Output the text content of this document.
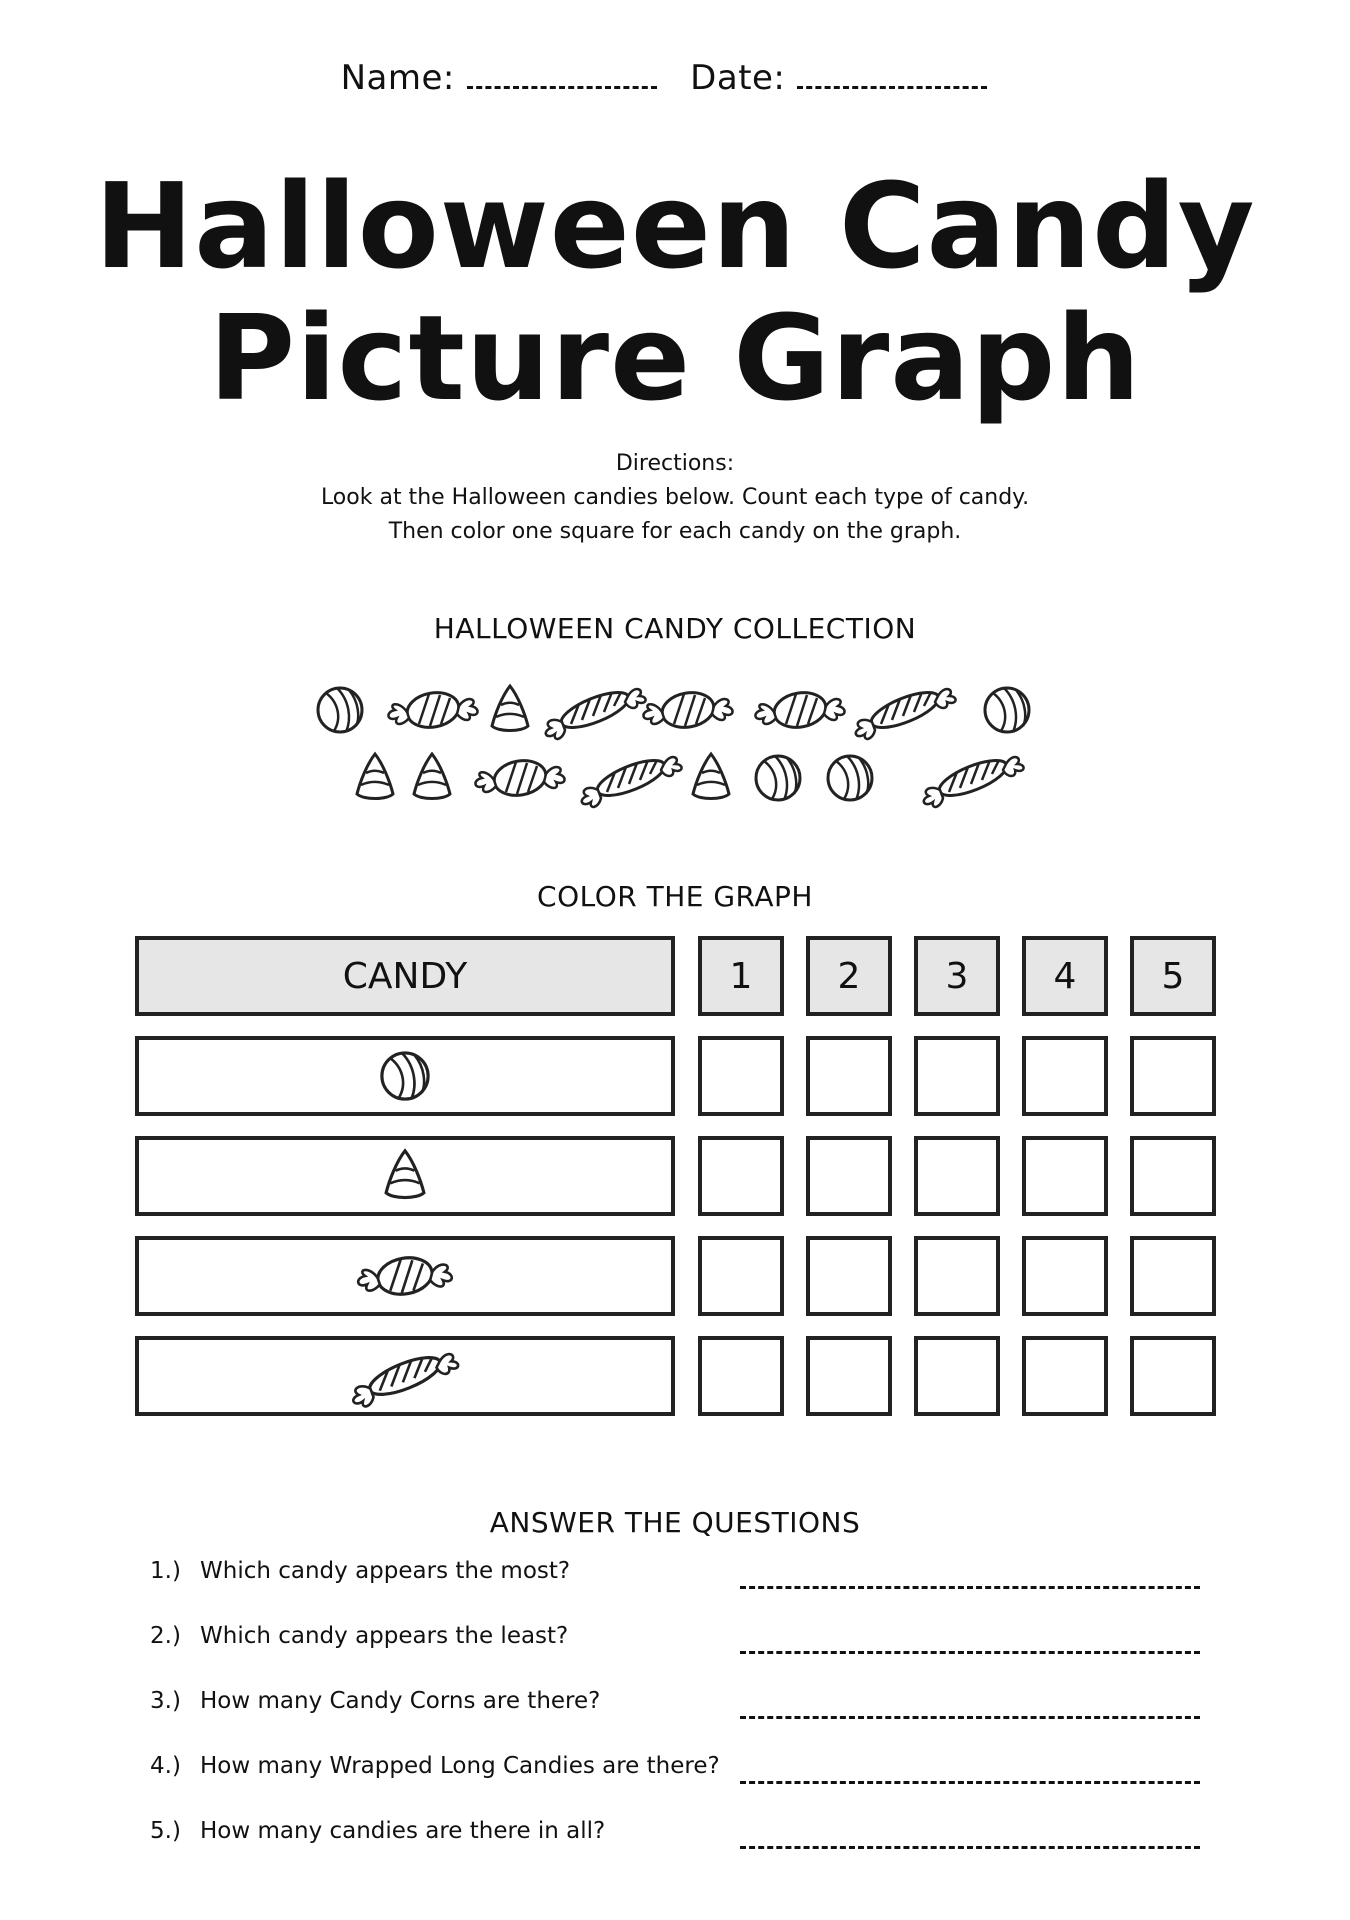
Name:	Date:
Halloween Candy
Picture Graph
Directions:
Look at the Halloween candies below. Count each type of candy.
Then color one square for each candy on the graph.
HALLOWEEN CANDY COLLECTION
COLOR THE GRAPH
CANDY	1	2	3	4	5
ANSWER THE QUESTIONS
1.) Which candy appears the most?
2.) Which candy appears the least?
3.) How many Candy Corns are there?
4.) How many Wrapped Long Candies are there?
5.) How many candies are there in all?
